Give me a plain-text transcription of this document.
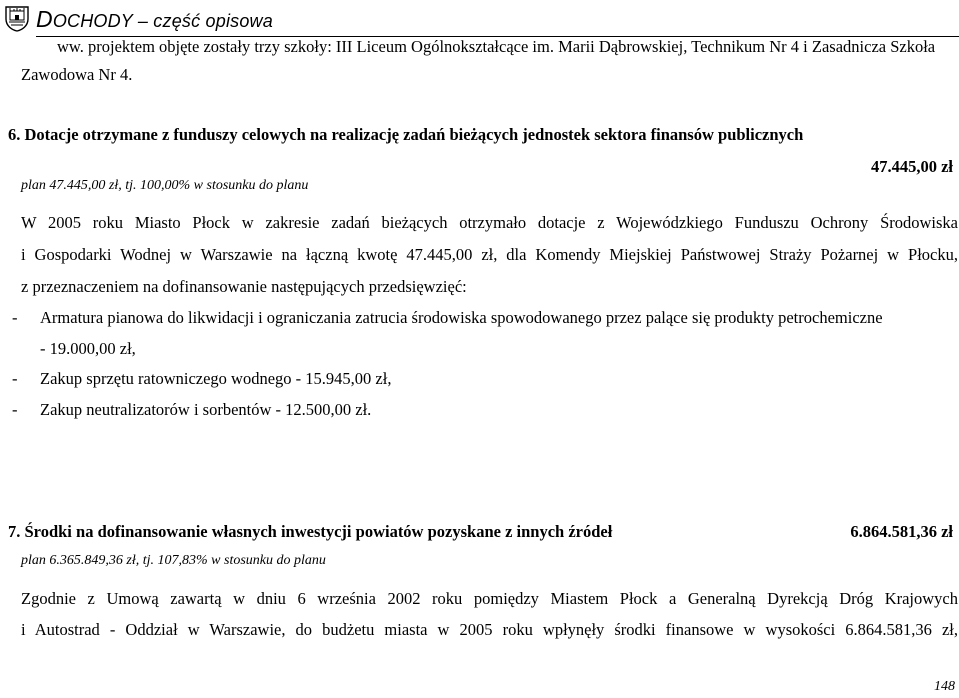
DOCHODY – część opisowa
ww. projektem objęte zostały trzy szkoły: III Liceum Ogólnokształcące im. Marii Dąbrowskiej, Technikum Nr 4 i Zasadnicza Szkoła
Zawodowa Nr 4.
6. Dotacje otrzymane z funduszy celowych na realizację zadań bieżących jednostek sektora finansów publicznych
plan 47.445,00 zł, tj. 100,00% w stosunku do planu
47.445,00 zł
W 2005 roku Miasto Płock w zakresie zadań bieżących otrzymało dotacje z Wojewódzkiego Funduszu Ochrony Środowiska
i Gospodarki Wodnej w Warszawie na łączną kwotę 47.445,00 zł, dla Komendy Miejskiej Państwowej Straży Pożarnej w Płocku,
z przeznaczeniem na dofinansowanie następujących przedsięwzięć:
- Armatura pianowa do likwidacji i ograniczania zatrucia środowiska spowodowanego przez palące się produkty petrochemiczne
- 19.000,00 zł,
- Zakup sprzętu ratowniczego wodnego - 15.945,00 zł,
- Zakup neutralizatorów i sorbentów - 12.500,00 zł.
7. Środki na dofinansowanie własnych inwestycji powiatów pozyskane z innych źródeł	6.864.581,36 zł
plan 6.365.849,36 zł, tj. 107,83% w stosunku do planu
Zgodnie z Umową zawartą w dniu 6 września 2002 roku pomiędzy Miastem Płock a Generalną Dyrekcją Dróg Krajowych
i Autostrad - Oddział w Warszawie, do budżetu miasta w 2005 roku wpłynęły środki finansowe w wysokości 6.864.581,36 zł,
148
